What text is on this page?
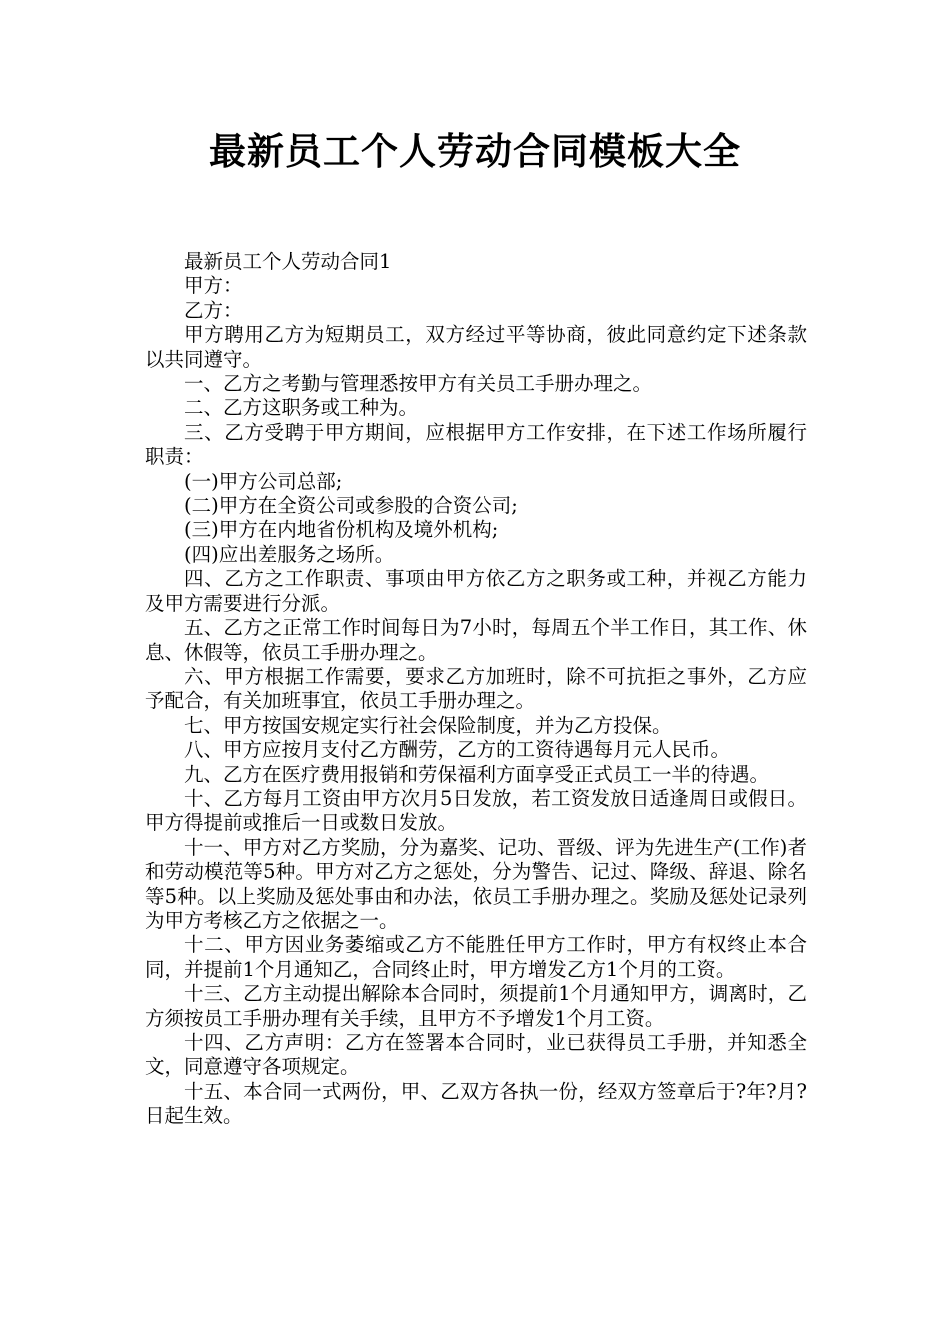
最新员工个人劳动合同模板大全

最新员工个人劳动合同1

甲方：

乙方：

甲方聘用乙方为短期员工，双方经过平等协商，彼此同意约定下述条款以共同遵守。

一、乙方之考勤与管理悉按甲方有关员工手册办理之。

二、乙方这职务或工种为。

三、乙方受聘于甲方期间，应根据甲方工作安排，在下述工作场所履行职责：

(一)甲方公司总部;

(二)甲方在全资公司或参股的合资公司;

(三)甲方在内地省份机构及境外机构;

(四)应出差服务之场所。

四、乙方之工作职责、事项由甲方依乙方之职务或工种，并视乙方能力及甲方需要进行分派。

五、乙方之正常工作时间每日为7小时，每周五个半工作日，其工作、休息、休假等，依员工手册办理之。

六、甲方根据工作需要，要求乙方加班时，除不可抗拒之事外，乙方应予配合，有关加班事宜，依员工手册办理之。

七、甲方按国安规定实行社会保险制度，并为乙方投保。

八、甲方应按月支付乙方酬劳，乙方的工资待遇每月元人民币。

九、乙方在医疗费用报销和劳保福利方面享受正式员工一半的待遇。

十、乙方每月工资由甲方次月5日发放，若工资发放日适逢周日或假日。甲方得提前或推后一日或数日发放。

十一、甲方对乙方奖励，分为嘉奖、记功、晋级、评为先进生产(工作)者和劳动模范等5种。甲方对乙方之惩处，分为警告、记过、降级、辞退、除名等5种。以上奖励及惩处事由和办法，依员工手册办理之。奖励及惩处记录列为甲方考核乙方之依据之一。

十二、甲方因业务萎缩或乙方不能胜任甲方工作时，甲方有权终止本合同，并提前1个月通知乙，合同终止时，甲方增发乙方1个月的工资。

十三、乙方主动提出解除本合同时，须提前1个月通知甲方，调离时，乙方须按员工手册办理有关手续，且甲方不予增发1个月工资。

十四、乙方声明：乙方在签署本合同时，业已获得员工手册，并知悉全文，同意遵守各项规定。

十五、本合同一式两份，甲、乙双方各执一份，经双方签章后于?年?月?日起生效。
